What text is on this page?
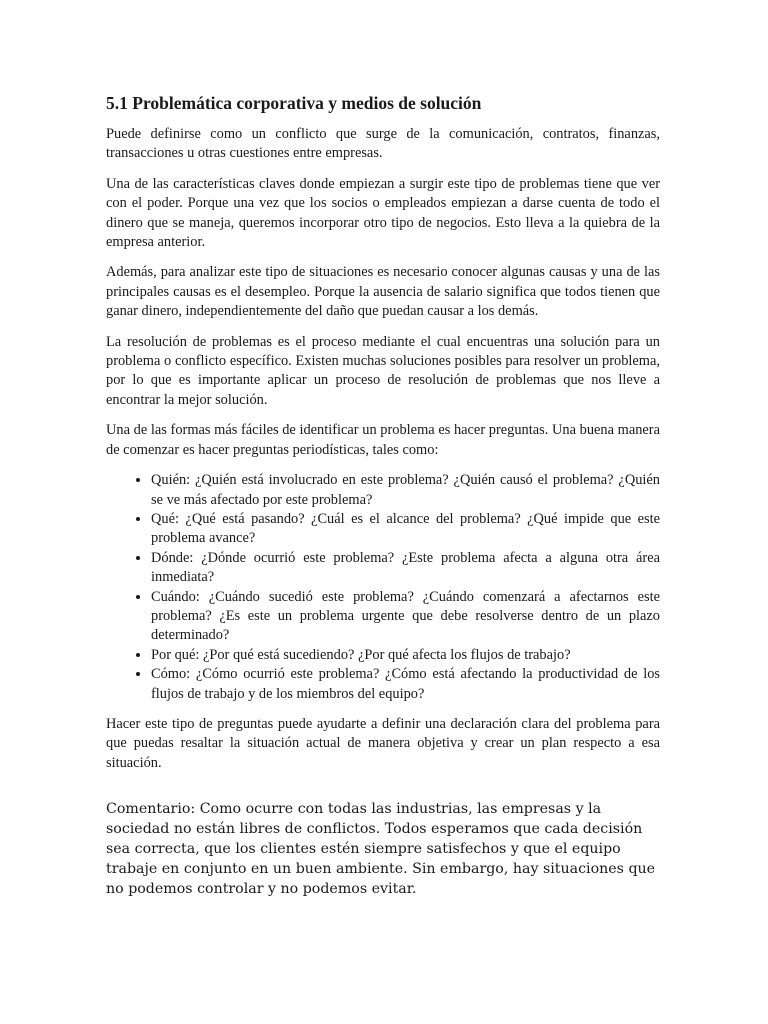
5.1 Problemática corporativa y medios de solución

Puede definirse como un conflicto que surge de la comunicación, contratos, finanzas, transacciones u otras cuestiones entre empresas.

Una de las características claves donde empiezan a surgir este tipo de problemas tiene que ver con el poder. Porque una vez que los socios o empleados empiezan a darse cuenta de todo el dinero que se maneja, queremos incorporar otro tipo de negocios. Esto lleva a la quiebra de la empresa anterior.

Además, para analizar este tipo de situaciones es necesario conocer algunas causas y una de las principales causas es el desempleo. Porque la ausencia de salario significa que todos tienen que ganar dinero, independientemente del daño que puedan causar a los demás.

La resolución de problemas es el proceso mediante el cual encuentras una solución para un problema o conflicto específico. Existen muchas soluciones posibles para resolver un problema, por lo que es importante aplicar un proceso de resolución de problemas que nos lleve a encontrar la mejor solución.

Una de las formas más fáciles de identificar un problema es hacer preguntas. Una buena manera de comenzar es hacer preguntas periodísticas, tales como:

• Quién: ¿Quién está involucrado en este problema? ¿Quién causó el problema? ¿Quién se ve más afectado por este problema?
• Qué: ¿Qué está pasando? ¿Cuál es el alcance del problema? ¿Qué impide que este problema avance?
• Dónde: ¿Dónde ocurrió este problema? ¿Este problema afecta a alguna otra área inmediata?
• Cuándo: ¿Cuándo sucedió este problema? ¿Cuándo comenzará a afectarnos este problema? ¿Es este un problema urgente que debe resolverse dentro de un plazo determinado?
• Por qué: ¿Por qué está sucediendo? ¿Por qué afecta los flujos de trabajo?
• Cómo: ¿Cómo ocurrió este problema? ¿Cómo está afectando la productividad de los flujos de trabajo y de los miembros del equipo?

Hacer este tipo de preguntas puede ayudarte a definir una declaración clara del problema para que puedas resaltar la situación actual de manera objetiva y crear un plan respecto a esa situación.

Comentario: Como ocurre con todas las industrias, las empresas y la sociedad no están libres de conflictos. Todos esperamos que cada decisión sea correcta, que los clientes estén siempre satisfechos y que el equipo trabaje en conjunto en un buen ambiente. Sin embargo, hay situaciones que no podemos controlar y no podemos evitar.
